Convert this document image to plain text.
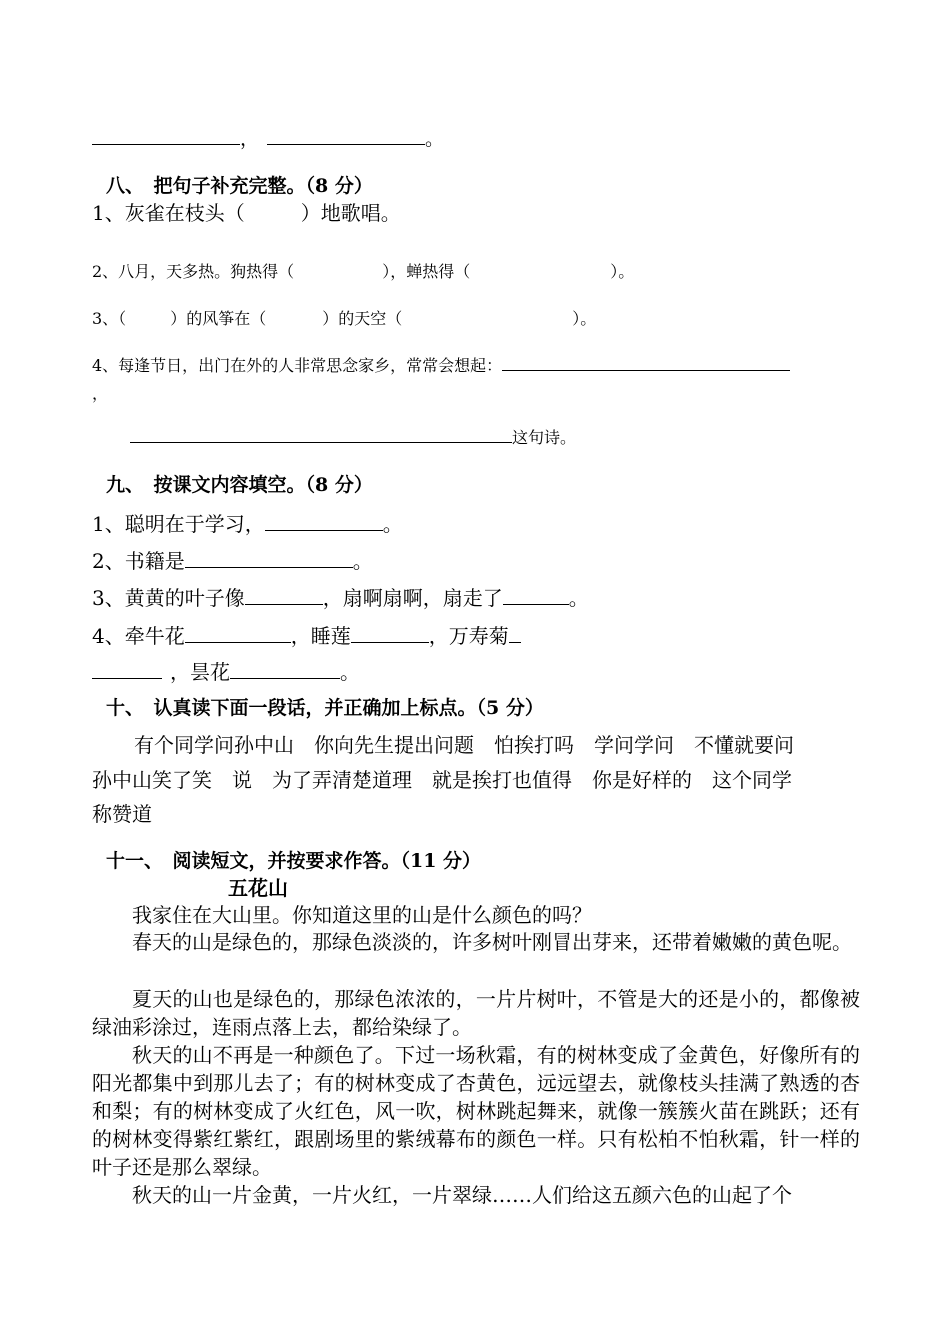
，	。
八、　把句子补充完整。（8 分）
1、灰雀在枝头（	）地歌唱。
2、八月，天多热。狗热得（	），蝉热得（	）。
3、（	）的风筝在（	）的天空（	）。
4、每逢节日，出门在外的人非常思念家乡，常常会想起：
，
这句诗。
九、　按课文内容填空。（8 分）
1、聪明在于学习，	。
2、书籍是	。
3、黄黄的叶子像	，扇啊扇啊，扇走了	。
4、牵牛花	，睡莲	，万寿菊
，昙花	。
十、　认真读下面一段话，并正确加上标点。（5 分）
有个同学问孙中山　你向先生提出问题　怕挨打吗　学问学问　不懂就要问
孙中山笑了笑　说　为了弄清楚道理　就是挨打也值得　你是好样的　这个同学
称赞道
十一、　阅读短文，并按要求作答。（11 分）
五花山
我家住在大山里。你知道这里的山是什么颜色的吗？
春天的山是绿色的，那绿色淡淡的，许多树叶刚冒出芽来，还带着嫩嫩的黄色呢。
夏天的山也是绿色的，那绿色浓浓的，一片片树叶，不管是大的还是小的，都像被绿油彩涂过，连雨点落上去，都给染绿了。
秋天的山不再是一种颜色了。下过一场秋霜，有的树林变成了金黄色，好像所有的阳光都集中到那儿去了；有的树林变成了杏黄色，远远望去，就像枝头挂满了熟透的杏和梨；有的树林变成了火红色，风一吹，树林跳起舞来，就像一簇簇火苗在跳跃；还有的树林变得紫红紫红，跟剧场里的紫绒幕布的颜色一样。只有松柏不怕秋霜，针一样的叶子还是那么翠绿。
秋天的山一片金黄，一片火红，一片翠绿……人们给这五颜六色的山起了个
